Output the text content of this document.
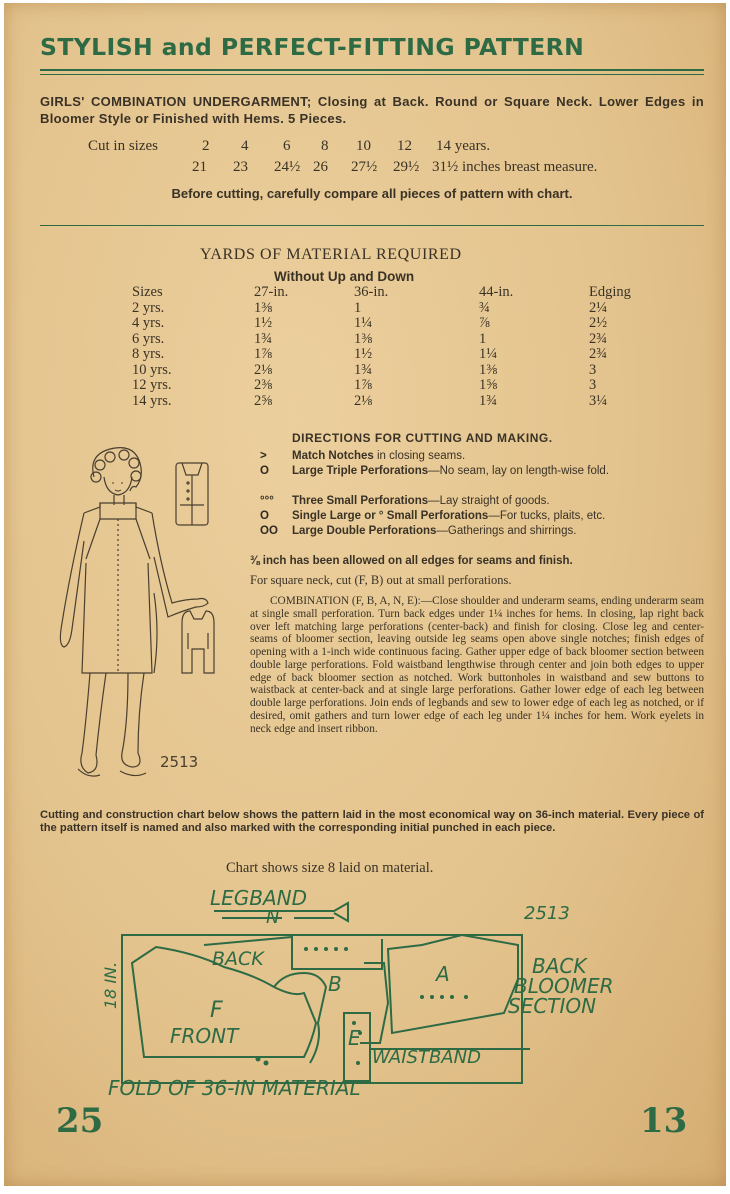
STYLISH and PERFECT-FITTING PATTERN
GIRLS' COMBINATION UNDERGARMENT; Closing at Back. Round or Square Neck. Lower Edges in Bloomer Style or Finished with Hems. 5 Pieces.
Cut in sizes	2 4 6 8 10 12 14 years.
21 23 24½ 26 27½ 29½ 31½ inches breast measure.
Before cutting, carefully compare all pieces of pattern with chart.
YARDS OF MATERIAL REQUIRED
Without Up and Down
Sizes	27-in.	36-in.	44-in.	Edging
2 yrs.	1⅜	1	¾	2¼
4 yrs.	1½	1¼	⅞	2½
6 yrs.	1¾	1⅜	1	2¾
8 yrs.	1⅞	1½	1¼	2¾
10 yrs.	2⅛	1¾	1⅜	3
12 yrs.	2⅜	1⅞	1⅝	3
14 yrs.	2⅝	2⅛	1¾	3¼
2513
DIRECTIONS FOR CUTTING AND MAKING.
>	Match Notches in closing seams.
O	Large Triple Perforations—No seam, lay on length-wise fold.
°°°	Three Small Perforations—Lay straight of goods.
O	Single Large or ° Small Perforations—For tucks, plaits, etc.
OO	Large Double Perforations—Gatherings and shirrings.
⅜ inch has been allowed on all edges for seams and finish.
For square neck, cut (F, B) out at small perforations.
COMBINATION (F, B, A, N, E):—Close shoulder and underarm seams, ending underarm seam at single small perforation. Turn back edges under 1¼ inches for hems. In closing, lap right back over left matching large perforations (center-back) and finish for closing. Close leg and center-seams of bloomer section, leaving outside leg seams open above single notches; finish edges of opening with a 1-inch wide continuous facing. Gather upper edge of back bloomer section between double large perforations. Fold waistband lengthwise through center and join both edges to upper edge of back bloomer section as notched. Work buttonholes in waistband and sew buttons to waistback at center-back and at single large perforations. Gather lower edge of each leg between double large perforations. Join ends of legbands and sew to lower edge of each leg as notched, or if desired, omit gathers and turn lower edge of each leg under 1¼ inches for hem. Work eyelets in neck edge and insert ribbon.
Cutting and construction chart below shows the pattern laid in the most economical way on 36-inch material. Every piece of the pattern itself is named and also marked with the corresponding initial punched in each piece.
Chart shows size 8 laid on material.
LEGBAND
N
BACK
B
F
FRONT
A	BACK
BLOOMER
SECTION
E
WAISTBAND
FOLD OF 36-IN MATERIAL
2513
18 IN.
25	13
